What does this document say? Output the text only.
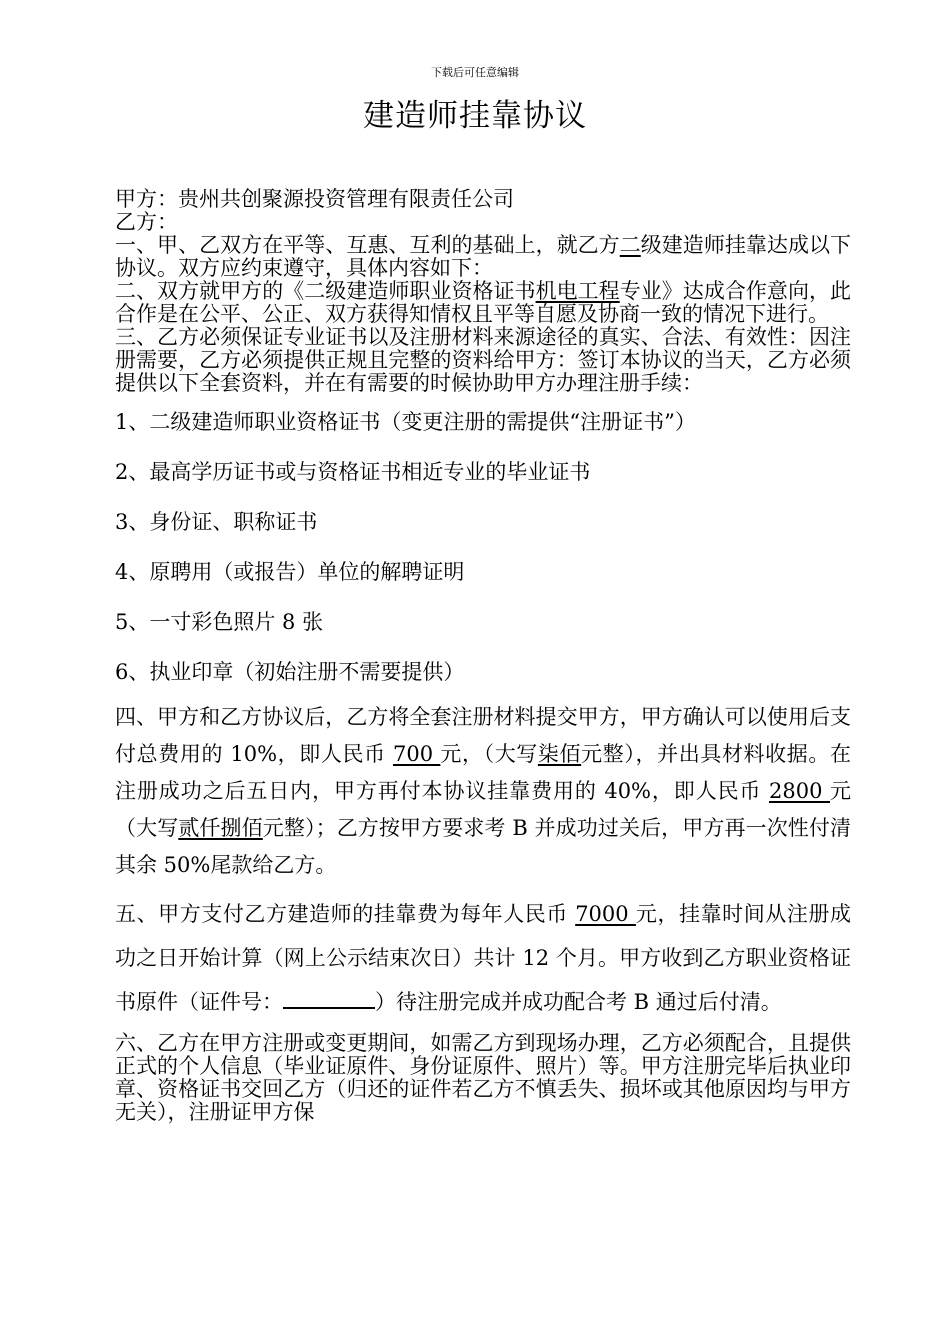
下载后可任意编辑
建造师挂靠协议

甲方：贵州共创聚源投资管理有限责任公司

乙方：

一、甲、乙双方在平等、互惠、互利的基础上，就乙方二级建造师挂靠达成以下协议。双方应约束遵守，具体内容如下：

二、双方就甲方的《二级建造师职业资格证书机电工程专业》达成合作意向，此合作是在公平、公正、双方获得知情权且平等自愿及协商一致的情况下进行。

三、乙方必须保证专业证书以及注册材料来源途径的真实、合法、有效性：因注册需要，乙方必须提供正规且完整的资料给甲方：签订本协议的当天，乙方必须提供以下全套资料，并在有需要的时候协助甲方办理注册手续：

1、二级建造师职业资格证书（变更注册的需提供“注册证书”）

2、最高学历证书或与资格证书相近专业的毕业证书

3、身份证、职称证书

4、原聘用（或报告）单位的解聘证明

5、一寸彩色照片 8 张

6、执业印章（初始注册不需要提供）

四、甲方和乙方协议后，乙方将全套注册材料提交甲方，甲方确认可以使用后支付总费用的 10%，即人民币 700 元，（大写柒佰元整），并出具材料收据。在注册成功之后五日内，甲方再付本协议挂靠费用的 40%，即人民币 2800 元（大写贰仟捌佰元整）；乙方按甲方要求考 B 并成功过关后，甲方再一次性付清其余 50%尾款给乙方。

五、甲方支付乙方建造师的挂靠费为每年人民币 7000 元，挂靠时间从注册成功之日开始计算（网上公示结束次日）共计 12 个月。甲方收到乙方职业资格证书原件（证件号：	）待注册完成并成功配合考 B 通过后付清。

六、乙方在甲方注册或变更期间，如需乙方到现场办理，乙方必须配合，且提供正式的个人信息（毕业证原件、身份证原件、照片）等。甲方注册完毕后执业印章、资格证书交回乙方（归还的证件若乙方不慎丢失、损坏或其他原因均与甲方无关），注册证甲方保
